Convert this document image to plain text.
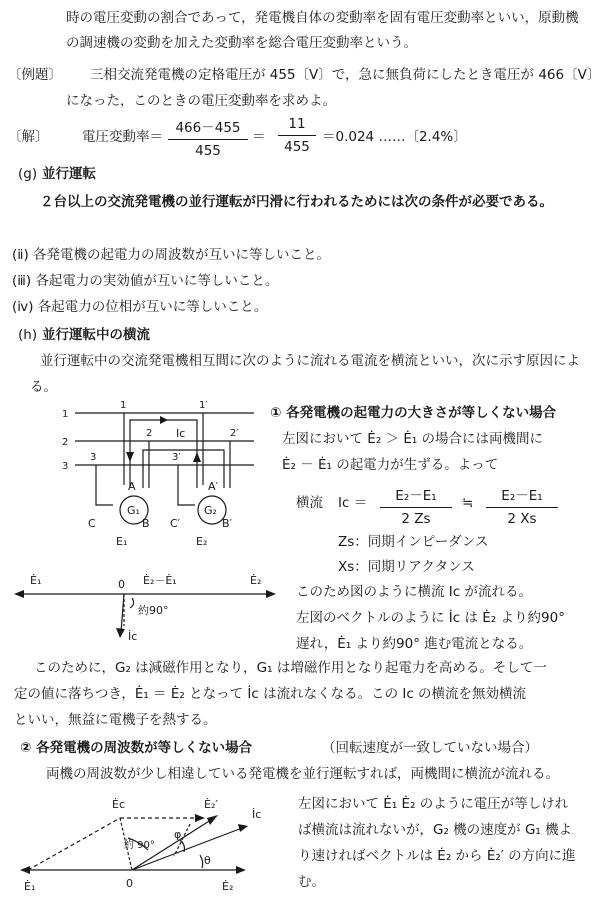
時の電圧変動の割合であって，発電機自体の変動率を固有電圧変動率といい，原動機
の調速機の変動を加えた変動率を総合電圧変動率という。
〔例題〕 三相交流発電機の定格電圧が 455〔V〕で，急に無負荷にしたとき電圧が 466〔V〕
になった，このときの電圧変動率を求めよ。
〔解〕 電圧変動率＝ $\frac{466-455}{455} = \frac{11}{455} =0.024$ ……〔2.4%〕
(g) 並行運転
２台以上の交流発電機の並行運転が円滑に行われるためには次の条件が必要である。
(ⅱ) 各発電機の起電力の周波数が互いに等しいこと。
(ⅲ) 各起電力の実効値が互いに等しいこと。
(ⅳ) 各起電力の位相が互いに等しいこと。
(h) 並行運転中の横流
並行運転中の交流発電機相互間に次のように流れる電流を横流といい，次に示す原因によ
る。
1
2
3
1	1′
2	2′
3	3′
Ic
G₁
A
B
C
E₁
G₂
A′
B′
C′
E₂
① 各発電機の起電力の大きさが等しくない場合
左図において Ė₂ ＞ Ė₁ の場合には両機間に
Ė₂ － Ė₁ の起電力が生ずる。よって
横流 $Ic = \frac{\text{E₂－E₁}}{2 Zs}$ ≒ $\frac{\text{E₂－E₁}}{2 Xs}$
Zs：同期インピーダンス
Xs：同期リアクタンス
このため図のように横流 Ic が流れる。
左図のベクトルのように İc は Ė₂ より約90°
遅れ，Ė₁ より約90° 進む電流となる。
Ė₁	0 Ė₂－Ė₁	Ė₂
約90°
İc
このために，G₂ は減磁作用となり，G₁ は増磁作用となり起電力を高める。そして一
定の値に落ちつき，Ė₁ ＝ Ė₂ となって İc は流れなくなる。この Ic の横流を無効横流
といい，無益に電機子を熱する。
② 各発電機の周波数が等しくない場合	（回転速度が一致していない場合）
両機の周波数が少し相違している発電機を並行運転すれば，両機間に横流が流れる。
左図において Ė₁ Ė₂ のように電圧が等しけれ
ば横流は流れないが，G₂ 機の速度が G₁ 機よ
り速ければベクトルは Ė₂ から Ė₂′ の方向に進
む。
Ėc	Ė₂′
İc
約 90°
φ
θ
Ė₁	0	Ė₂
